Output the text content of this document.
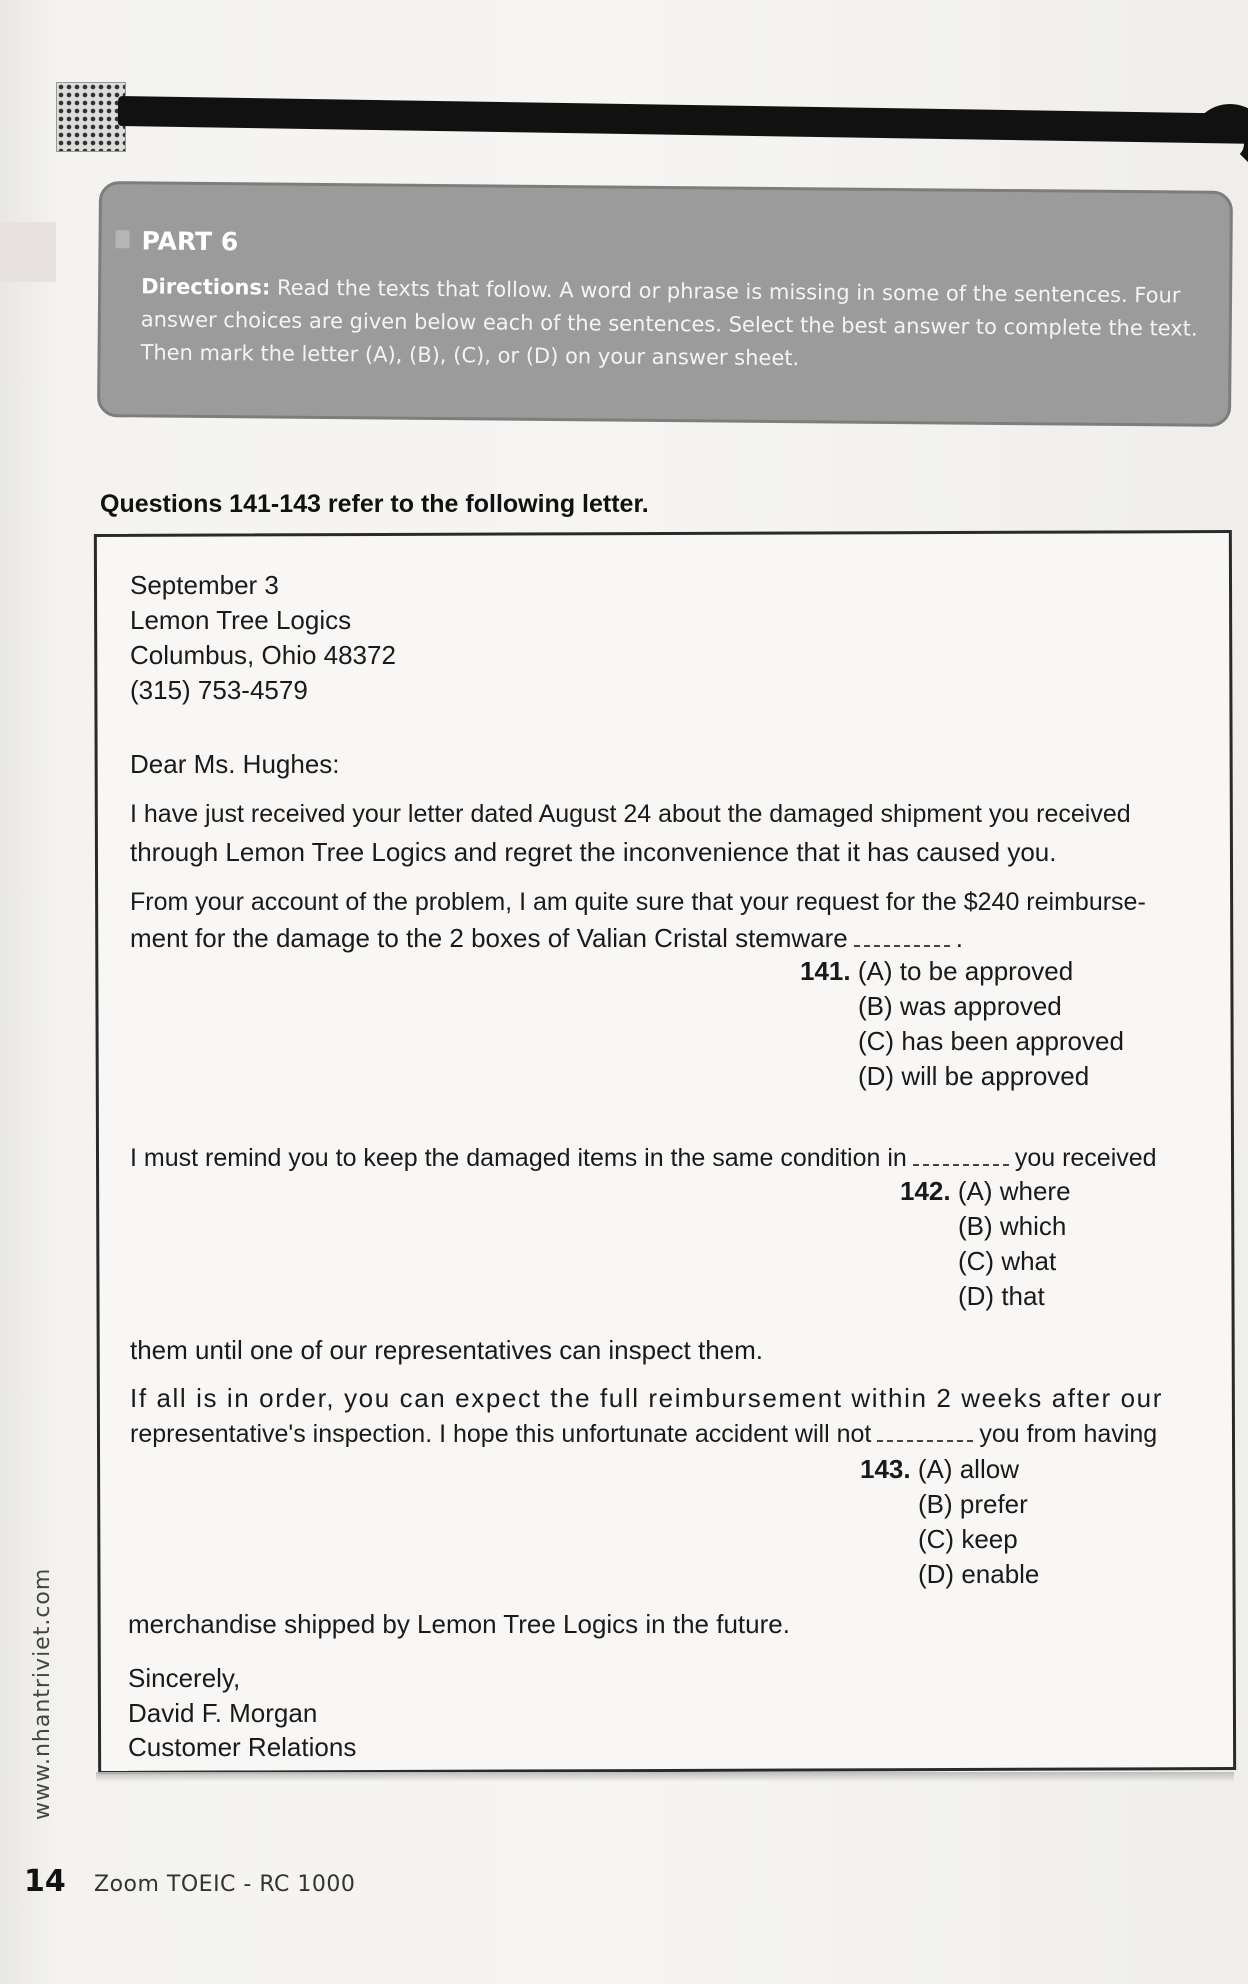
PART 6
Directions: Read the texts that follow. A word or phrase is missing in some of the sentences. Four answer choices are given below each of the sentences. Select the best answer to complete the text. Then mark the letter (A), (B), (C), or (D) on your answer sheet.
Questions 141-143 refer to the following letter.
September 3
Lemon Tree Logics
Columbus, Ohio 48372
(315) 753-4579
Dear Ms. Hughes:
I have just received your letter dated August 24 about the damaged shipment you received
through Lemon Tree Logics and regret the inconvenience that it has caused you.
From your account of the problem, I am quite sure that your request for the $240 reimburse-
ment for the damage to the 2 boxes of Valian Cristal stemware	.
141. (A) to be approved
(B) was approved
(C) has been approved
(D) will be approved
I must remind you to keep the damaged items in the same condition in	you received
142. (A) where
(B) which
(C) what
(D) that
them until one of our representatives can inspect them.
If all is in order, you can expect the full reimbursement within 2 weeks after our
representative's inspection. I hope this unfortunate accident will not	you from having
143. (A) allow
(B) prefer
(C) keep
(D) enable
merchandise shipped by Lemon Tree Logics in the future.
Sincerely,
David F. Morgan
Customer Relations
www.nhantriviet.com
14 Zoom TOEIC - RC 1000
